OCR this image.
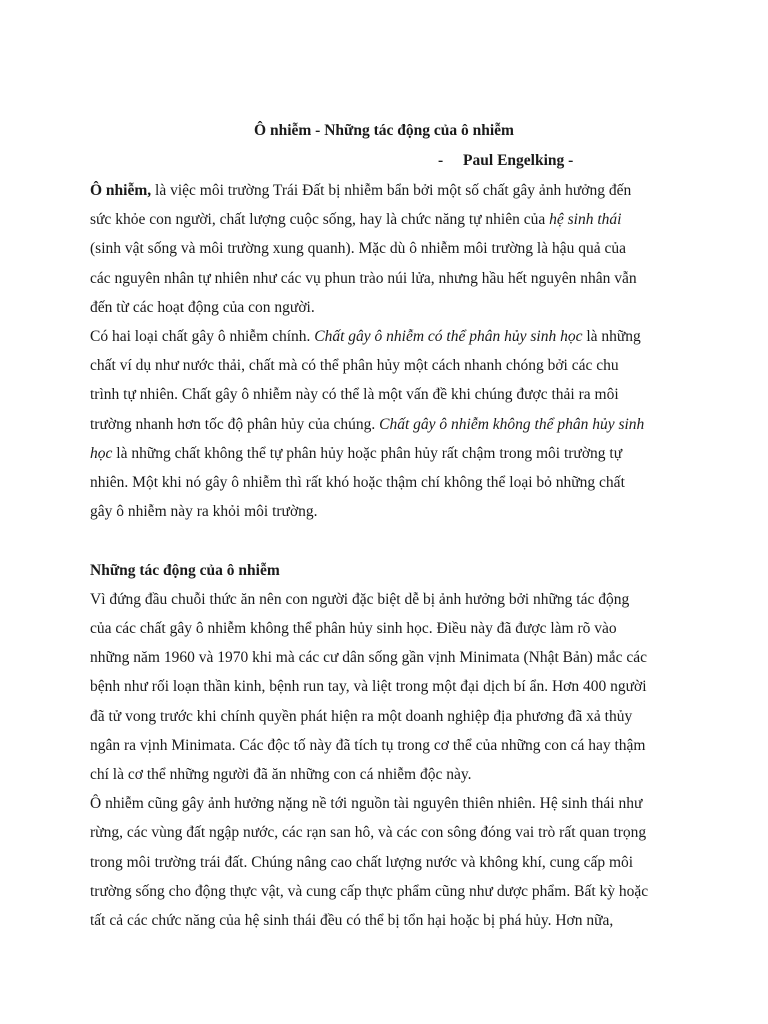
Ô nhiễm - Những tác động của ô nhiễm
- Paul Engelking -

Ô nhiễm, là việc môi trường Trái Đất bị nhiễm bẩn bởi một số chất gây ảnh hưởng đến

sức khỏe con người, chất lượng cuộc sống, hay là chức năng tự nhiên của hệ sinh thái

(sinh vật sống và môi trường xung quanh). Mặc dù ô nhiễm môi trường là hậu quả của

các nguyên nhân tự nhiên như các vụ phun trào núi lửa, nhưng hầu hết nguyên nhân vẫn

đến từ các hoạt động của con người.

Có hai loại chất gây ô nhiễm chính. Chất gây ô nhiễm có thể phân hủy sinh học là những

chất ví dụ như nước thải, chất mà có thể phân hủy một cách nhanh chóng bởi các chu

trình tự nhiên. Chất gây ô nhiễm này có thể là một vấn đề khi chúng được thải ra môi

trường nhanh hơn tốc độ phân hủy của chúng. Chất gây ô nhiễm không thể phân hủy sinh

học là những chất không thể tự phân hủy hoặc phân hủy rất chậm trong môi trường tự

nhiên. Một khi nó gây ô nhiễm thì rất khó hoặc thậm chí không thể loại bỏ những chất

gây ô nhiễm này ra khỏi môi trường.

Những tác động của ô nhiễm

Vì đứng đầu chuỗi thức ăn nên con người đặc biệt dễ bị ảnh hưởng bởi những tác động

của các chất gây ô nhiễm không thể phân hủy sinh học. Điều này đã được làm rõ vào

những năm 1960 và 1970 khi mà các cư dân sống gần vịnh Minimata (Nhật Bản) mắc các

bệnh như rối loạn thần kinh, bệnh run tay, và liệt trong một đại dịch bí ẩn. Hơn 400 người

đã tử vong trước khi chính quyền phát hiện ra một doanh nghiệp địa phương đã xả thủy

ngân ra vịnh Minimata. Các độc tố này đã tích tụ trong cơ thể của những con cá hay thậm

chí là cơ thể những người đã ăn những con cá nhiễm độc này.

Ô nhiễm cũng gây ảnh hưởng nặng nề tới nguồn tài nguyên thiên nhiên. Hệ sinh thái như

rừng, các vùng đất ngập nước, các rạn san hô, và các con sông đóng vai trò rất quan trọng

trong môi trường trái đất. Chúng nâng cao chất lượng nước và không khí, cung cấp môi

trường sống cho động thực vật, và cung cấp thực phẩm cũng như dược phẩm. Bất kỳ hoặc

tất cả các chức năng của hệ sinh thái đều có thể bị tổn hại hoặc bị phá hủy. Hơn nữa,
